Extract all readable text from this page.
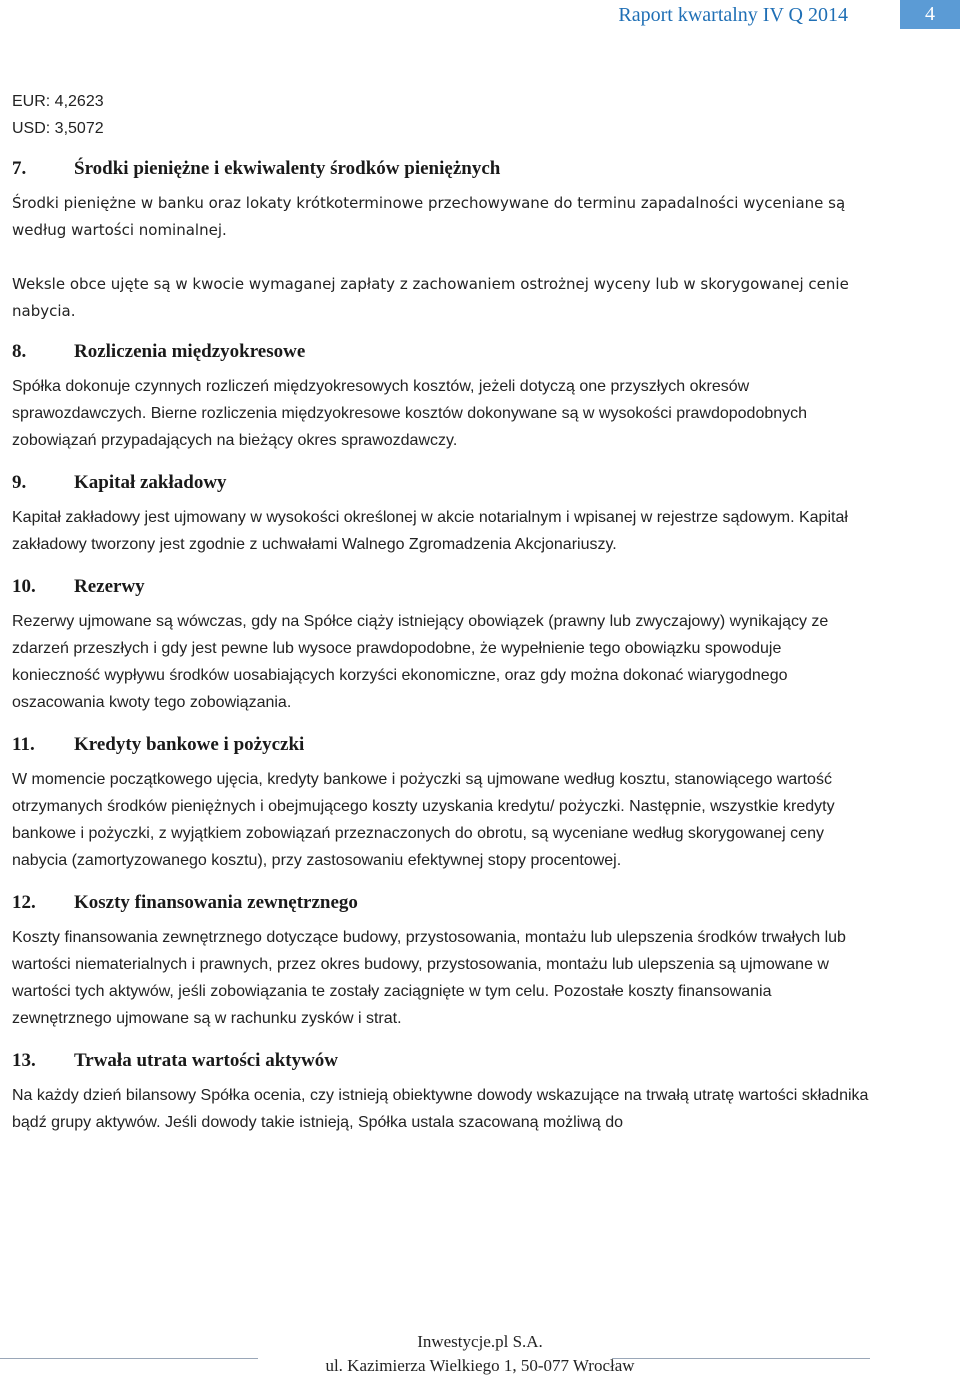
Raport kwartalny IV Q 2014	4

EUR: 4,2623

USD: 3,5072

7.	Środki pieniężne i ekwiwalenty środków pieniężnych

Środki pieniężne w banku oraz lokaty krótkoterminowe przechowywane do terminu zapadalności wyceniane są według wartości nominalnej.

Weksle obce ujęte są w kwocie wymaganej zapłaty z zachowaniem ostrożnej wyceny lub w skorygowanej cenie nabycia.

8.	Rozliczenia międzyokresowe

Spółka dokonuje czynnych rozliczeń międzyokresowych kosztów, jeżeli dotyczą one przyszłych okresów sprawozdawczych. Bierne rozliczenia międzyokresowe kosztów dokonywane są w wysokości prawdopodobnych zobowiązań przypadających na bieżący okres sprawozdawczy.

9.	Kapitał zakładowy

Kapitał zakładowy jest ujmowany w wysokości określonej w akcie notarialnym i wpisanej w rejestrze sądowym. Kapitał zakładowy tworzony jest zgodnie z uchwałami Walnego Zgromadzenia Akcjonariuszy.

10.	Rezerwy

Rezerwy ujmowane są wówczas, gdy na Spółce ciąży istniejący obowiązek (prawny lub zwyczajowy) wynikający ze zdarzeń przeszłych i gdy jest pewne lub wysoce prawdopodobne, że wypełnienie tego obowiązku spowoduje konieczność wypływu środków uosabiających korzyści ekonomiczne, oraz gdy można dokonać wiarygodnego oszacowania kwoty tego zobowiązania.

11.	Kredyty bankowe i pożyczki

W momencie początkowego ujęcia, kredyty bankowe i pożyczki są ujmowane według kosztu, stanowiącego wartość otrzymanych środków pieniężnych i obejmującego koszty uzyskania kredytu/ pożyczki. Następnie, wszystkie kredyty bankowe i pożyczki, z wyjątkiem zobowiązań przeznaczonych do obrotu, są wyceniane według skorygowanej ceny nabycia (zamortyzowanego kosztu), przy zastosowaniu efektywnej stopy procentowej.

12.	Koszty finansowania zewnętrznego

Koszty finansowania zewnętrznego dotyczące budowy, przystosowania, montażu lub ulepszenia środków trwałych lub wartości niematerialnych i prawnych, przez okres budowy, przystosowania, montażu lub ulepszenia są ujmowane w wartości tych aktywów, jeśli zobowiązania te zostały zaciągnięte w tym celu. Pozostałe koszty finansowania zewnętrznego ujmowane są w rachunku zysków i strat.

13.	Trwała utrata wartości aktywów

Na każdy dzień bilansowy Spółka ocenia, czy istnieją obiektywne dowody wskazujące na trwałą utratę wartości składnika bądź grupy aktywów. Jeśli dowody takie istnieją, Spółka ustala szacowaną możliwą do

Inwestycje.pl S.A.
ul. Kazimierza Wielkiego 1, 50-077 Wrocław
